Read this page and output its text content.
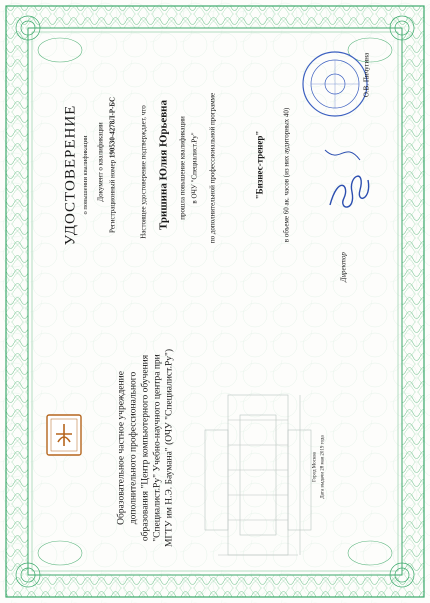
УДОСТОВЕРЕНИЕ о повышении квалификации Документ о квалификации Регистрационный номер 190530-4278Л-Р-БС	Настоящее удостоверение подтверждает, что Тришина Юлия Юрьевна прошла повышение квалификации в ОЧУ "Специалист.Ру" по дополнительной профессиональной программе	"Бизнес-тренер"	в объеме 60 ак. часов (из них аудиторных 40)
Директор
О.В. Пичугина
Образовательное частное учреждение дополнительного профессионального образования "Центр компьютерного обучения "Специалист.Ру" Учебно-научного центра при МГТУ им Н.Э. Баумана" (ОЧУ "Специалист.Ру")	Город Москва Дата выдачи 28 мая 2019 года
